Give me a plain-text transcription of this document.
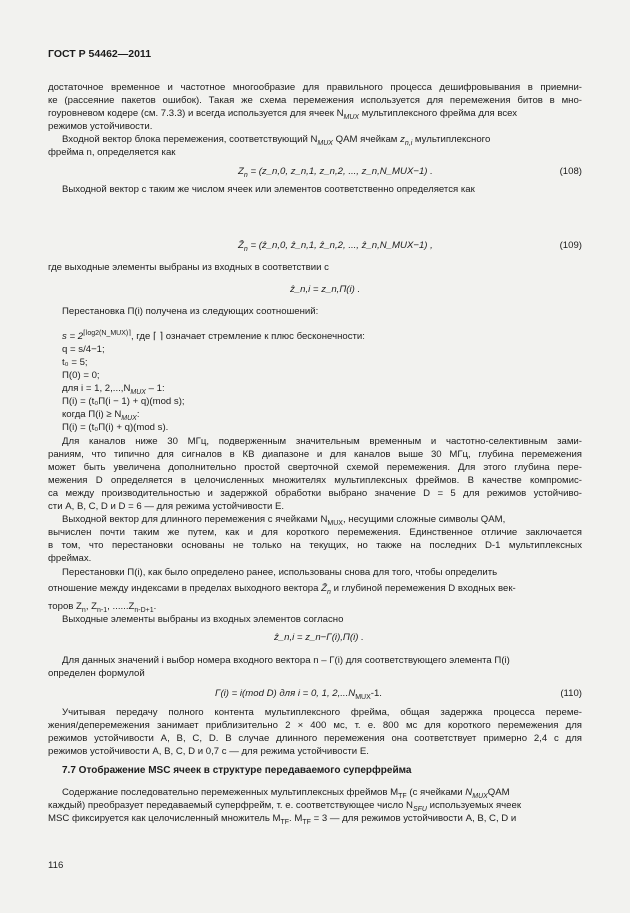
ГОСТ Р 54462—2011
достаточное временное и частотное многообразие для правильного процесса дешифровывания в приемни-
ке (рассеяние пакетов ошибок). Такая же схема перемежения используется для перемежения битов в мно-
гоуровневом кодере (см. 7.3.3) и всегда используется для ячеек $N_{MUX}$ мультиплексного фрейма для всех
режимов устойчивости.
Входной вектор блока перемежения, соответствующий $N_{MUX}$ QAM ячейкам $z_{n,i}$ мультиплексного
фрейма n, определяется как
$Z_n$ = (z_n,0, z_n,1, z_n,2, ..., z_n,N_MUX−1) .	(108)
Выходной вектор с таким же числом ячеек или элементов соответственно определяется как
Ẑ$_n$ = (ẑ_n,0, ẑ_n,1, ẑ_n,2, ..., ẑ_n,N_MUX−1) ,	(109)
где выходные элементы выбраны из входных в соответствии с
ẑ_n,i = z_n,Π(i) .
Перестановка Π(i) получена из следующих соотношений:
$s = 2^{⌈log2(N\_MUX)⌉}$, где ⌈ ⌉ означает стремление к плюс бесконечности:
q = s/4−1;
t₀ = 5;
Π(0) = 0;
для i = 1, $2,...,N_{MUX} - 1$:
Π(i) = (t₀Π(i − 1) + q)(mod s);
когда $\Pi(i) \ge N_{MUX}$:
Π(i) = (t₀Π(i) + q)(mod s).
Для каналов ниже 30 МГц, подверженным значительным временным и частотно-селективным зами-
раниям, что типично для сигналов в КВ диапазоне и для каналов выше 30 МГц, глубина перемежения
может быть увеличена дополнительно простой сверточной схемой перемежения. Для этого глубина пере-
межения D определяется в целочисленных множителях мультиплексных фреймов. В качестве компромис-
са между производительностью и задержкой обработки выбрано значение D = 5 для режимов устойчиво-
сти A, B, C, D и D = 6 — для режима устойчивости E.
Выходной вектор для длинного перемежения с ячейками $N_{MUX}$, несущими сложные символы QAM,
вычислен почти таким же путем, как и для короткого перемежения. Единственное отличие заключается
в том, что перестановки основаны не только на текущих, но также на последних D-1 мультиплексных
фреймах.
Перестановки Π(i), как было определено ранее, использованы снова для того, чтобы определить
отношение между индексами в пределах выходного вектора Ẑ$_n$ и глубиной перемежения D входных век-
торов $Z_n$, $Z_{n-1}$, $......Z_{n-D+1}$.
Выходные элементы выбраны из входных элементов согласно
ẑ_n,i = z_n−Γ(i),Π(i) .
Для данных значений i выбор номера входного вектора n – Γ(i) для соответствующего элемента Π(i)
определен формулой
Γ(i) = i(mod D) для i = 0, 1, $2,...N_{MUX}-1$.	(110)
Учитывая передачу полного контента мультиплексного фрейма, общая задержка процесса переме-
жения/деперемежения занимает приблизительно 2 × 400 мс, т. е. 800 мс для короткого перемежения для
режимов устойчивости A, B, C, D. В случае длинного перемежения она соответствует примерно 2,4 с для
режимов устойчивости A, B, C, D и 0,7 с — для режима устойчивости E.
7.7 Отображение MSC ячеек в структуре передаваемого суперфрейма
Содержание последовательно перемеженных мультиплексных фреймов $M_{TF}$ (с ячейками $N_{MUX}QAM$
каждый) преобразует передаваемый суперфрейм, т. е. соответствующее число $N_{SFU}$ используемых ячеек
MSC фиксируется как целочисленный множитель $M_{TF}$. $M_{TF} = 3$ — для режимов устойчивости A, B, C, D и
116
